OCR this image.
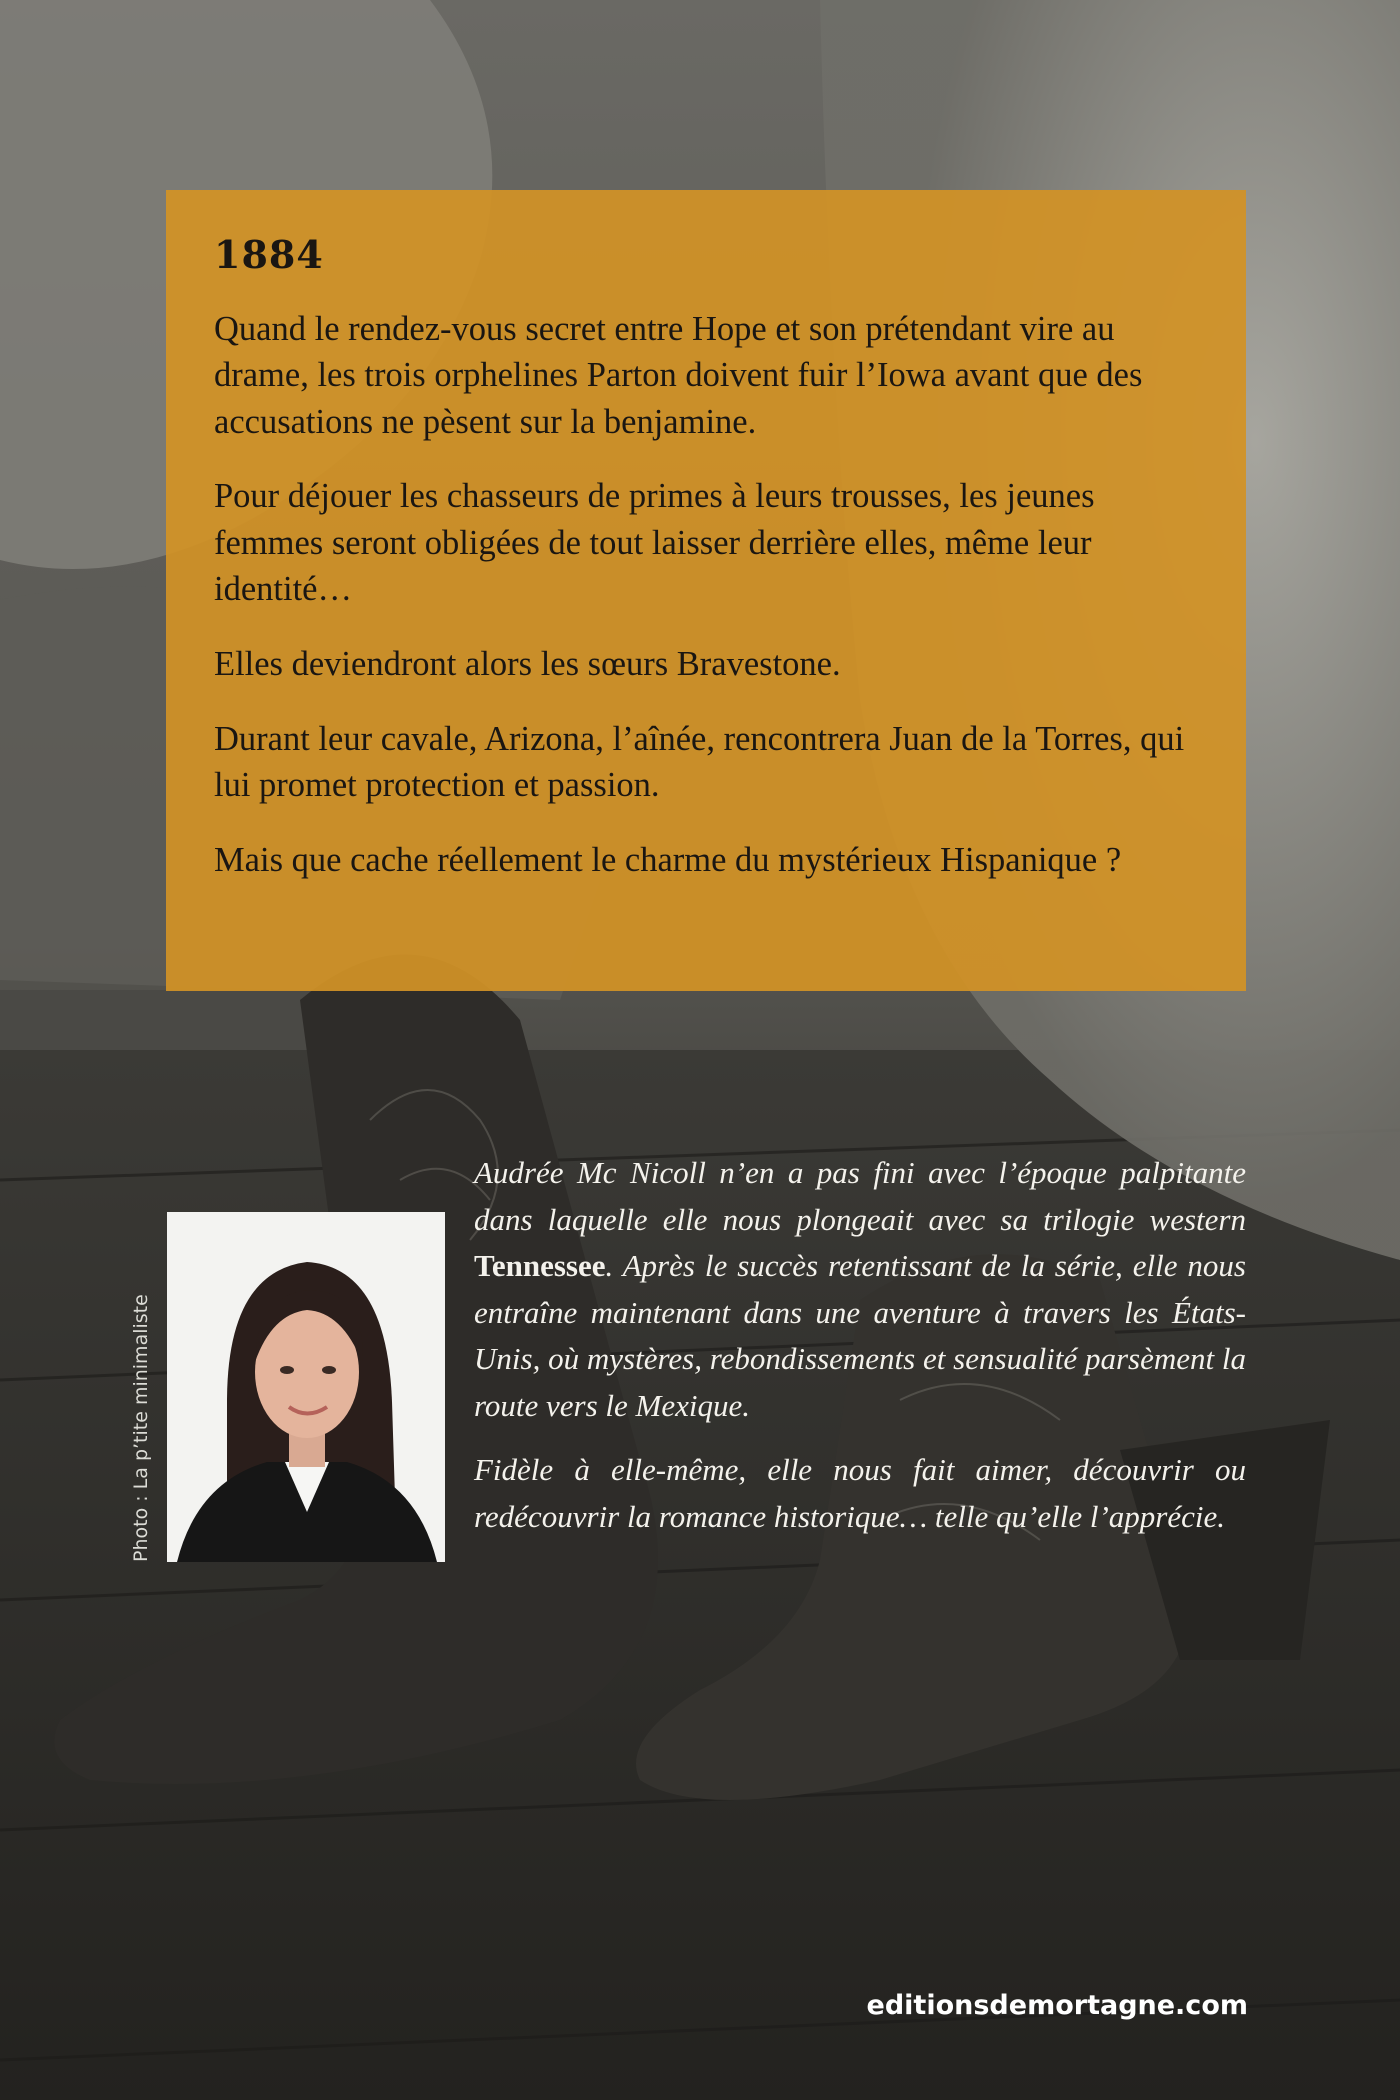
1884

Quand le rendez-vous secret entre Hope et son prétendant vire au drame, les trois orphelines Parton doivent fuir l’Iowa avant que des accusations ne pèsent sur la benjamine.

Pour déjouer les chasseurs de primes à leurs trousses, les jeunes femmes seront obligées de tout laisser derrière elles, même leur identité…

Elles deviendront alors les sœurs Bravestone.

Durant leur cavale, Arizona, l’aînée, rencontrera Juan de la Torres, qui lui promet protection et passion.

Mais que cache réellement le charme du mystérieux Hispanique ?

Photo : La p’tite minimaliste

Audrée Mc Nicoll n’en a pas fini avec l’époque palpitante dans laquelle elle nous plongeait avec sa trilogie western Tennessee. Après le succès retentissant de la série, elle nous entraîne maintenant dans une aventure à travers les États-Unis, où mystères, rebondissements et sensualité parsèment la route vers le Mexique.

Fidèle à elle-même, elle nous fait aimer, découvrir ou redécouvrir la romance historique… telle qu’elle l’apprécie.

editionsdemortagne.com
